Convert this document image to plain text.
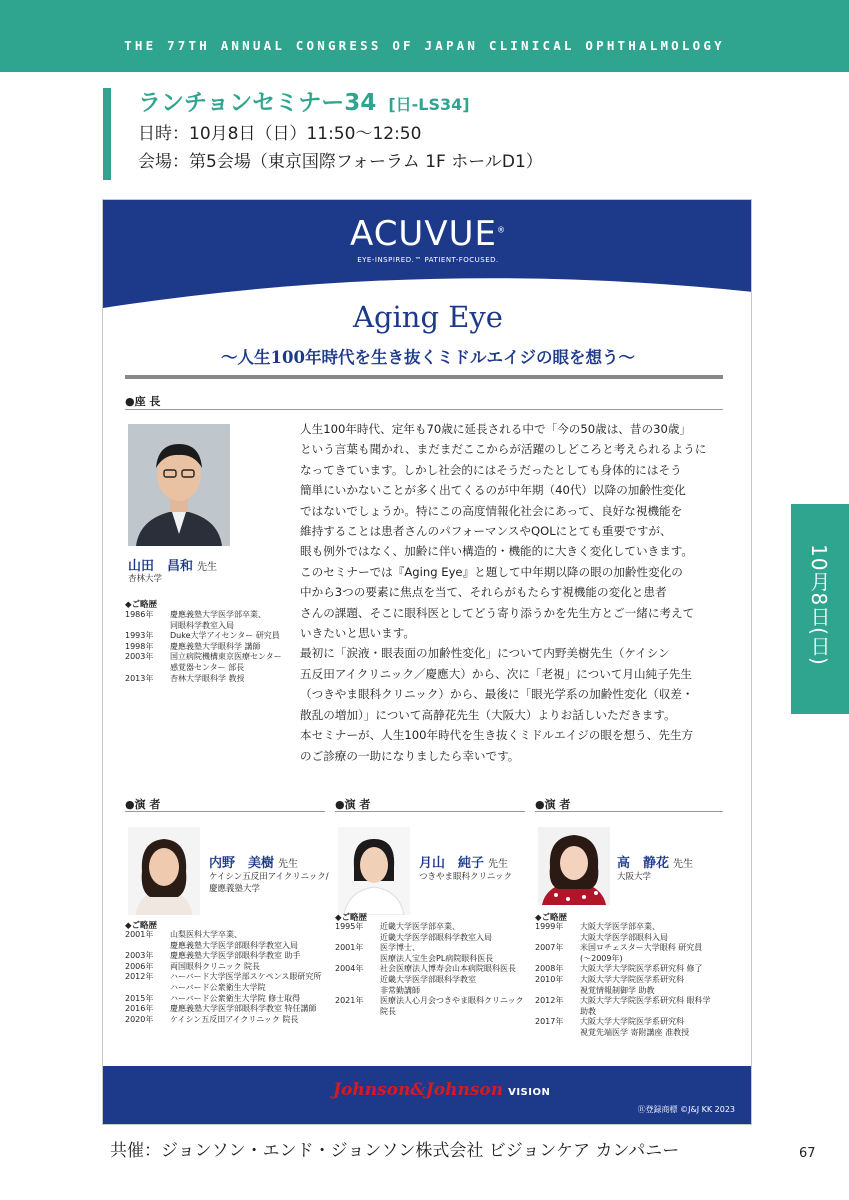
THE 77TH ANNUAL CONGRESS OF JAPAN CLINICAL OPHTHALMOLOGY
ランチョンセミナー34 [日-LS34]
日時：10月8日（日）11:50～12:50
会場：第5会場（東京国際フォーラム 1F ホールD1）
10月8日(日)
ACUVUE®
EYE-INSPIRED.™ PATIENT-FOCUSED.
Aging Eye
～人生100年時代を生き抜くミドルエイジの眼を想う～
●座 長
山田　昌和 先生
杏林大学
◆ご略歴
1986年	慶應義塾大学医学部卒業、
同眼科学教室入局
1993年	Duke大学アイセンター 研究員
1998年	慶應義塾大学眼科学 講師
2003年	国立病院機構東京医療センター
感覚器センター 部長
2013年	杏林大学眼科学 教授

人生100年時代、定年も70歳に延長される中で「今の50歳は、昔の30歳」

という言葉も聞かれ、まだまだここからが活躍のしどころと考えられるように

なってきています。しかし社会的にはそうだったとしても身体的にはそう

簡単にいかないことが多く出てくるのが中年期（40代）以降の加齢性変化

ではないでしょうか。特にこの高度情報化社会にあって、良好な視機能を

維持することは患者さんのパフォーマンスやQOLにとても重要ですが、

眼も例外ではなく、加齢に伴い構造的・機能的に大きく変化していきます。

このセミナーでは『Aging Eye』と題して中年期以降の眼の加齢性変化の

中から3つの要素に焦点を当て、それらがもたらす視機能の変化と患者

さんの課題、そこに眼科医としてどう寄り添うかを先生方とご一緒に考えて

いきたいと思います。

最初に「涙液・眼表面の加齢性変化」について内野美樹先生（ケイシン

五反田アイクリニック／慶應大）から、次に「老視」について月山純子先生

（つきやま眼科クリニック）から、最後に「眼光学系の加齢性変化（収差・

散乱の増加）」について高静花先生（大阪大）よりお話しいただきます。

本セミナーが、人生100年時代を生き抜くミドルエイジの眼を想う、先生方

のご診療の一助になりましたら幸いです。

●演 者	●演 者	●演 者
内野　美樹 先生
ケイシン五反田アイクリニック/
慶應義塾大学
◆ご略歴
2001年	山梨医科大学卒業、
慶應義塾大学医学部眼科学教室入局
2003年	慶應義塾大学医学部眼科学教室 助手
2006年	両国眼科クリニック 院長
2012年	ハーバード大学医学部スケペンス眼研究所
ハーバード公衆衛生大学院
2015年	ハーバード公衆衛生大学院 修士取得
2016年	慶應義塾大学医学部眼科学教室 特任講師
2020年	ケイシン五反田アイクリニック 院長
月山　純子 先生
つきやま眼科クリニック
◆ご略歴
1995年	近畿大学医学部卒業、
近畿大学医学部眼科学教室入局
2001年	医学博士、
医療法人宝生会PL病院眼科医長
2004年	社会医療法人博寿会山本病院眼科医長
近畿大学医学部眼科学教室
非常勤講師
2021年	医療法人心月会つきやま眼科クリニック
院長
高　静花 先生
大阪大学
◆ご略歴
1999年	大阪大学医学部卒業、
大阪大学医学部眼科入局
2007年	米国ロチェスター大学眼科 研究員
(～2009年)
2008年	大阪大学大学院医学系研究科 修了
2010年	大阪大学大学院医学系研究科
視覚情報制御学 助教
2012年	大阪大学大学院医学系研究科 眼科学
助教
2017年	大阪大学大学院医学系研究科
視覚先端医学 寄附講座 准教授
Johnson&Johnson VISION
Ⓡ登録商標 ©J&J KK 2023
共催：ジョンソン・エンド・ジョンソン株式会社 ビジョンケア カンパニー	67
